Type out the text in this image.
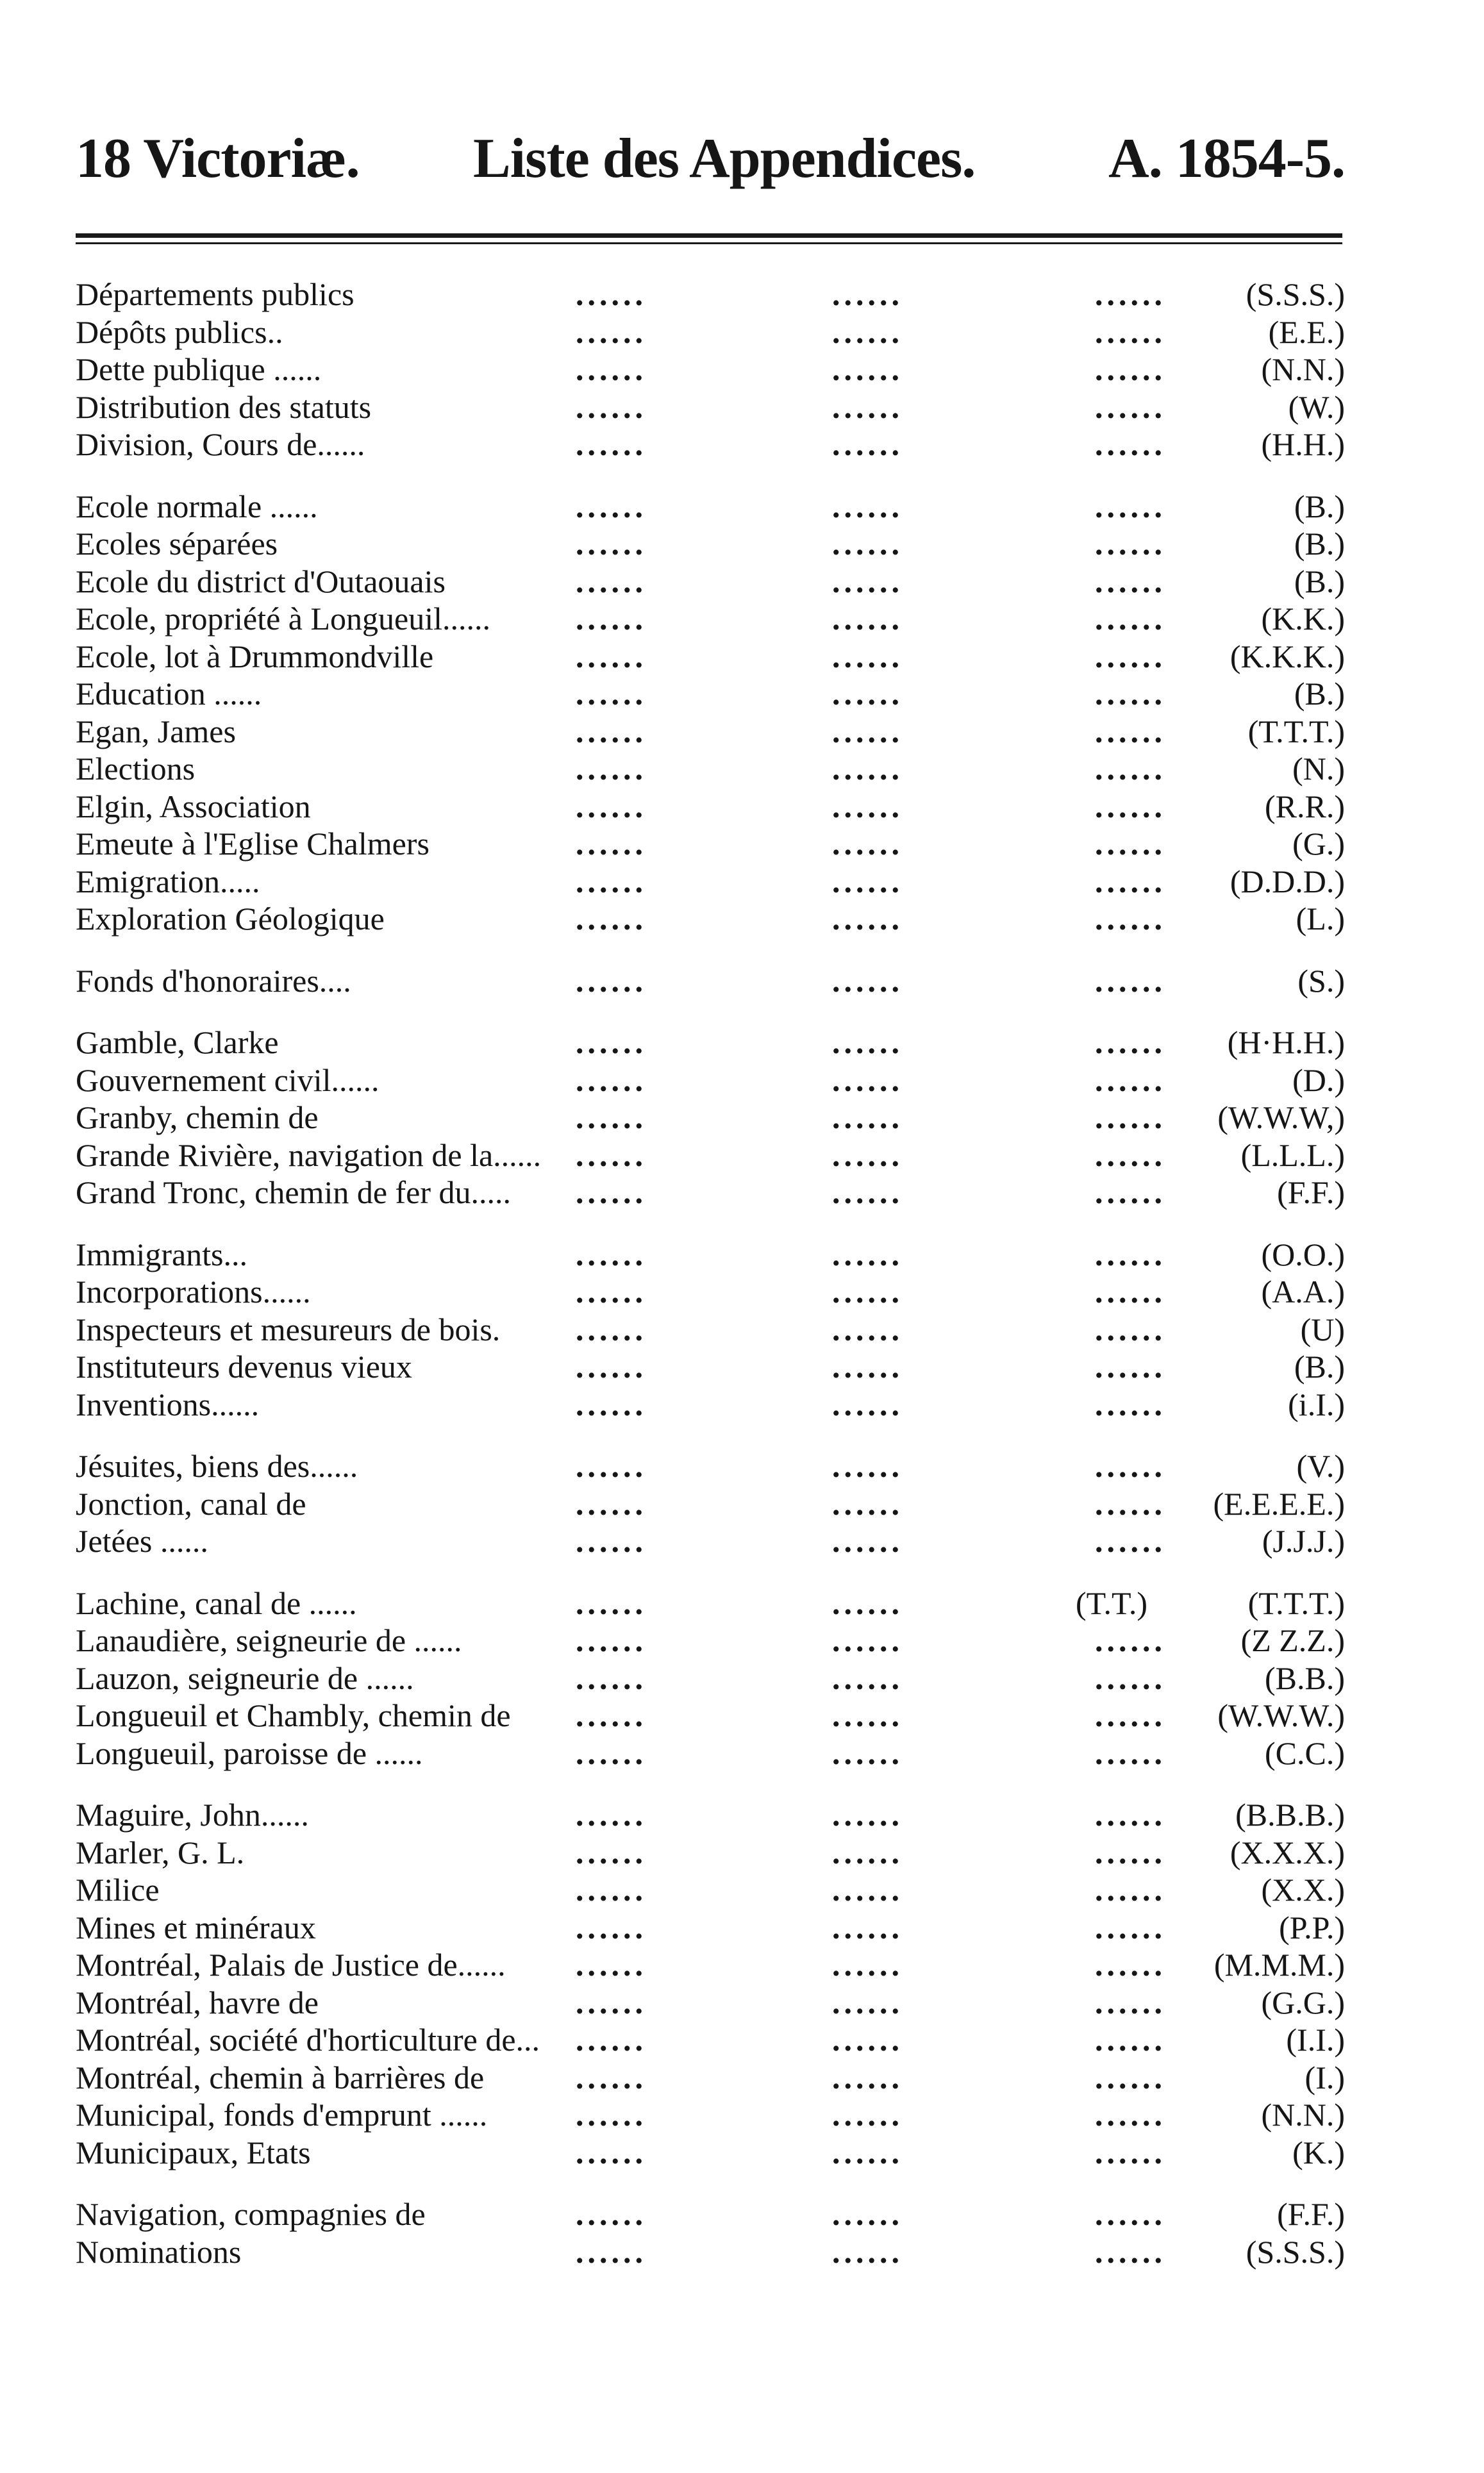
18 Victoriæ. Liste des Appendices. A. 1854-5.
Départements publics	......	......	...... (S.S.S.)
Dépôts publics..	......	......	......	(E.E.)
Dette publique ......	......	......	......	(N.N.)
Distribution des statuts	......	......	......	(W.)
Division, Cours de......	......	......	......	(H.H.)
Ecole normale ......	......	......	......	(B.)
Ecoles séparées	......	......	......	(B.)
Ecole du district d'Outaouais	......	......	......	(B.)
Ecole, propriété à Longueuil......	......	......	......	(K.K.)
Ecole, lot à Drummondville	......	......	...... (K.K.K.)
Education ......	......	......	......	(B.)
Egan, James	......	......	......	(T.T.T.)
Elections	......	......	......	(N.)
Elgin, Association	......	......	......	(R.R.)
Emeute à l'Eglise Chalmers	......	......	......	(G.)
Emigration.....	......	......	...... (D.D.D.)
Exploration Géologique	......	......	......	(L.)
Fonds d'honoraires....	......	......	......	(S.)
Gamble, Clarke	......	......	...... (H·H.H.)
Gouvernement civil......	......	......	......	(D.)
Granby, chemin de	......	......	...... (W.W.W,)
Grande Rivière, navigation de la...... ......	......	...... (L.L.L.)
Grand Tronc, chemin de fer du..... ......	......	......	(F.F.)
Immigrants...	......	......	......	(O.O.)
Incorporations......	......	......	......	(A.A.)
Inspecteurs et mesureurs de bois. ......	......	......	(U)
Instituteurs devenus vieux	......	......	......	(B.)
Inventions......	......	......	......	(i.I.)
Jésuites, biens des......	......	......	......	(V.)
Jonction, canal de	......	......	...... (E.E.E.E.)
Jetées ......	......	......	......	(J.J.J.)
Lachine, canal de ......	......	......	(T.T.)	(T.T.T.)
Lanaudière, seigneurie de ......	......	......	...... (Z Z.Z.)
Lauzon, seigneurie de ......	......	......	......	(B.B.)
Longueuil et Chambly, chemin de ......	......	...... (W.W.W.)
Longueuil, paroisse de ......	......	......	......	(C.C.)
Maguire, John......	......	......	...... (B.B.B.)
Marler, G. L.	......	......	...... (X.X.X.)
Milice	......	......	......	(X.X.)
Mines et minéraux	......	......	......	(P.P.)
Montréal, Palais de Justice de...... ......	......	...... (M.M.M.)
Montréal, havre de	......	......	......	(G.G.)
Montréal, société d'horticulture de... ......	......	......	(I.I.)
Montréal, chemin à barrières de	......	......	......	(I.)
Municipal, fonds d'emprunt ......	......	......	......	(N.N.)
Municipaux, Etats	......	......	......	(K.)
Navigation, compagnies de	......	......	......	(F.F.)
Nominations	......	......	...... (S.S.S.)
